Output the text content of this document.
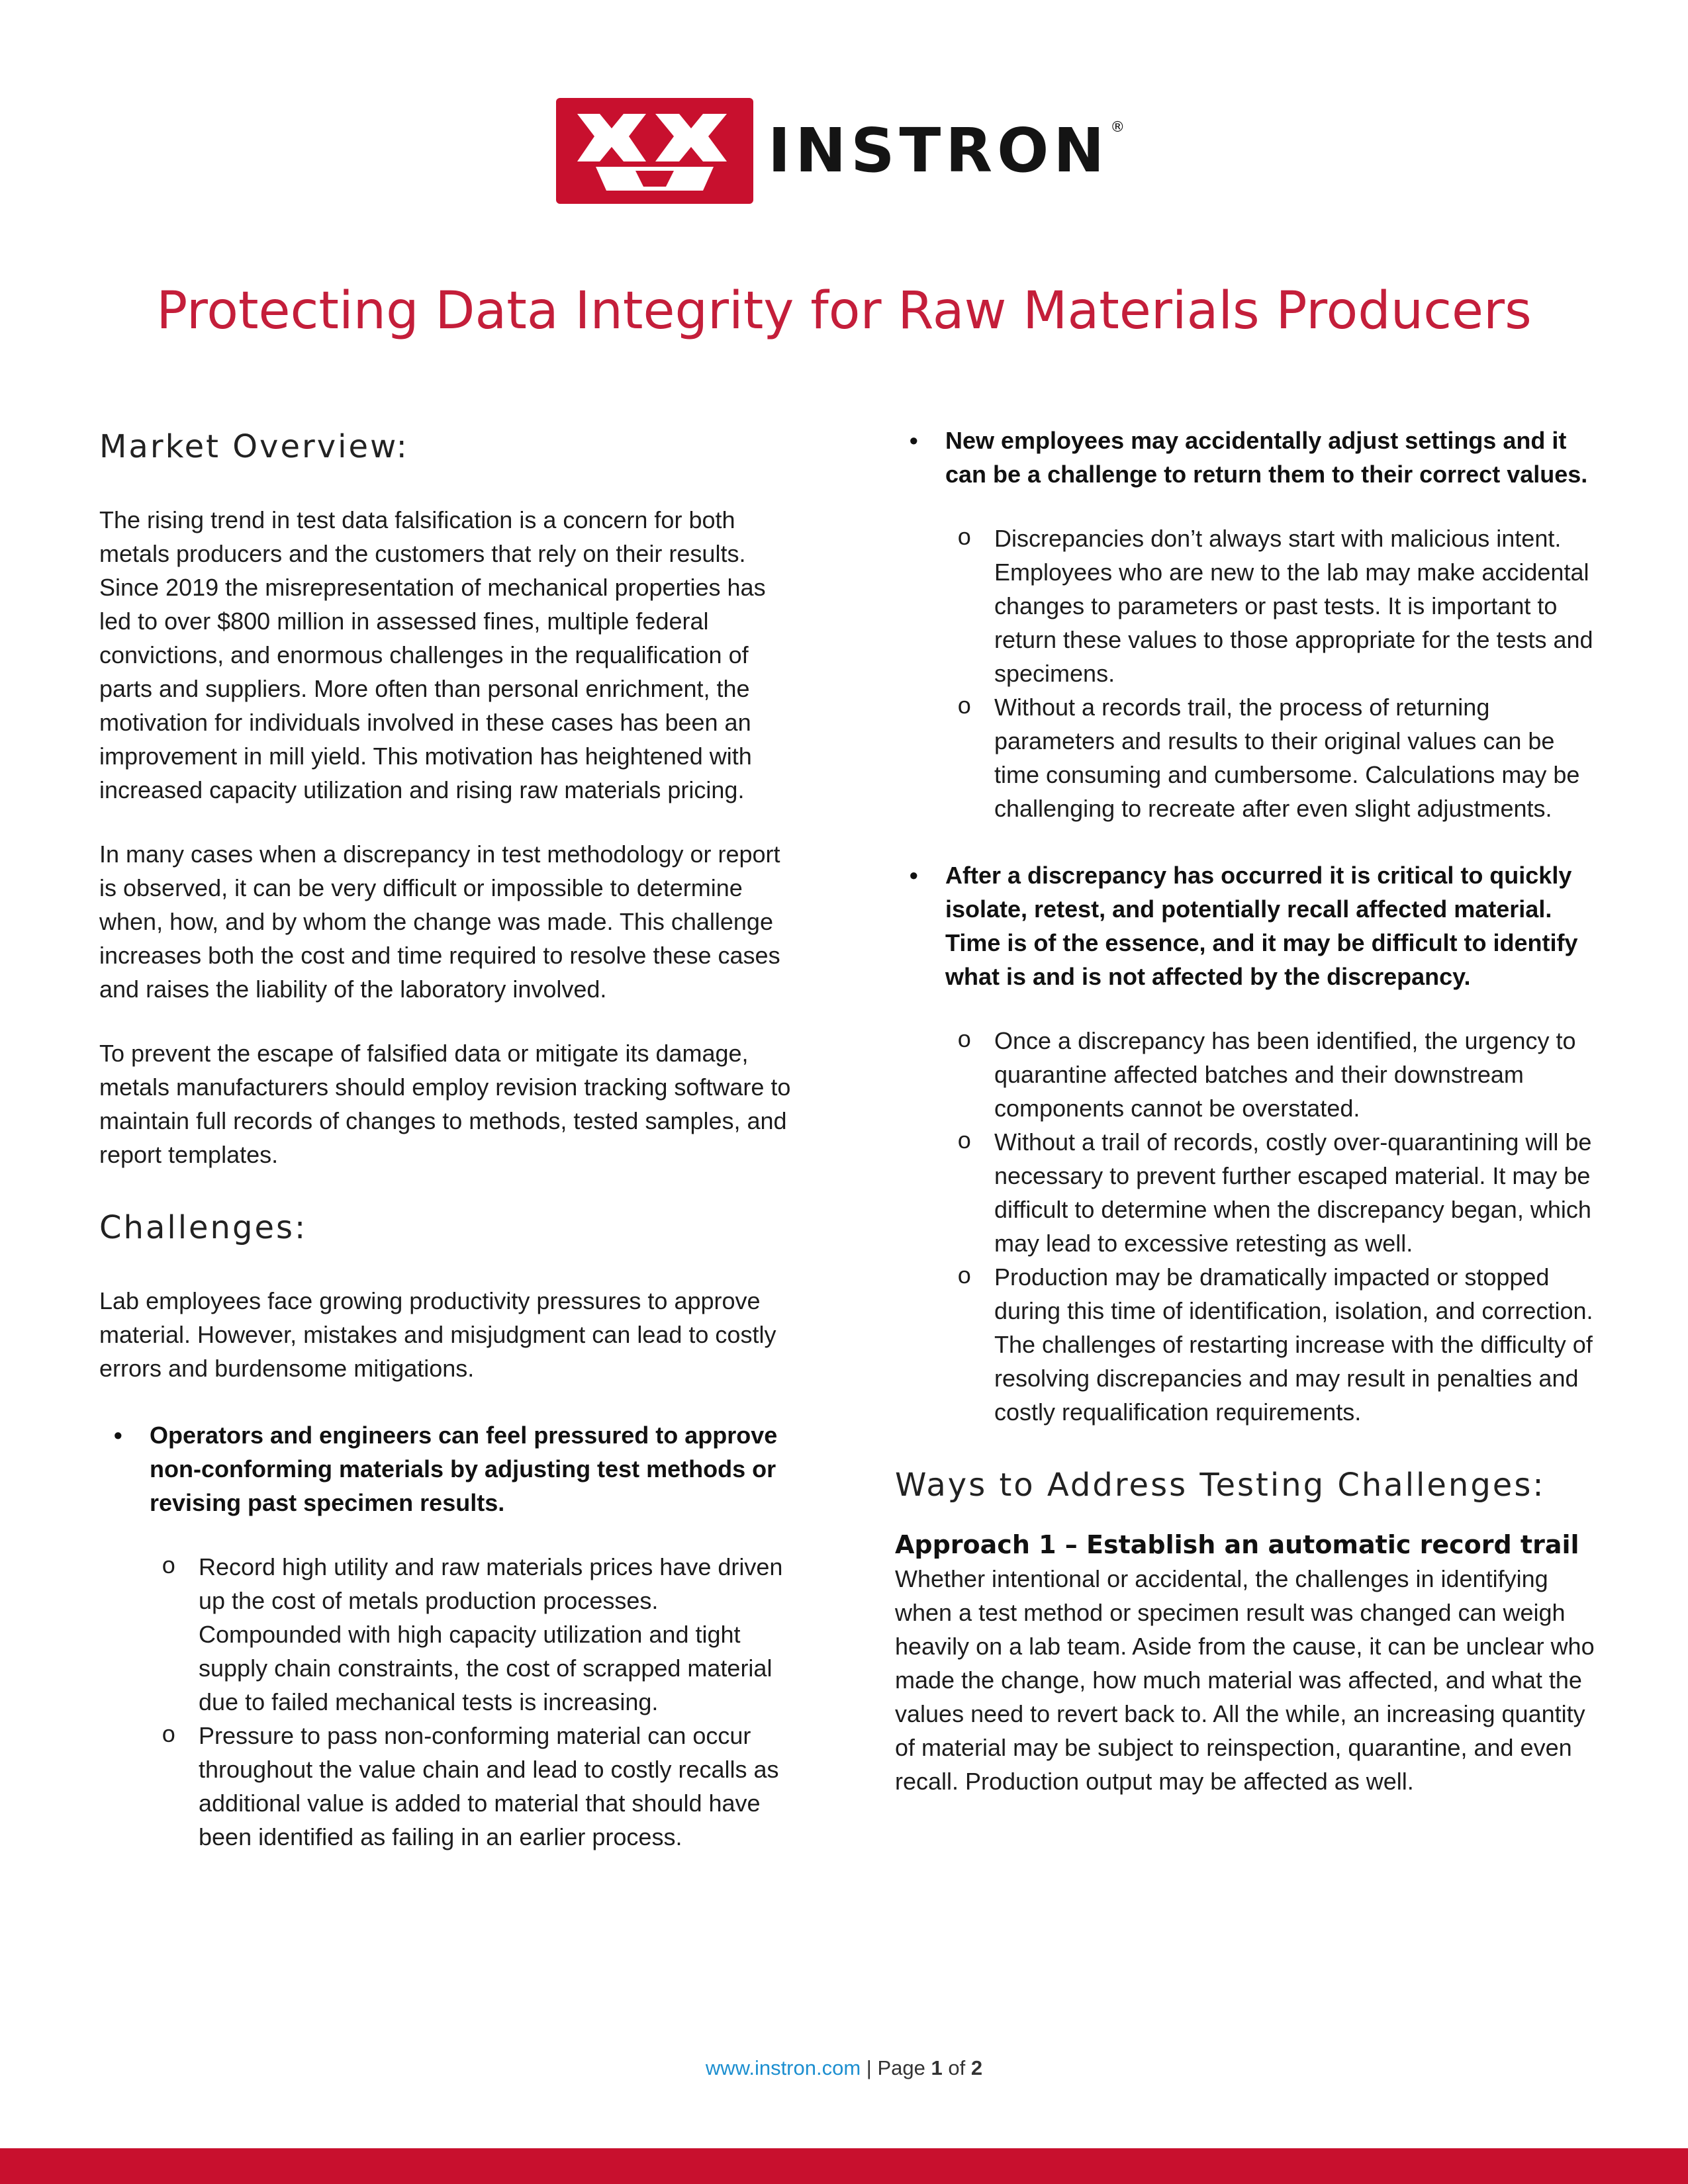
INSTRON®
Protecting Data Integrity for Raw Materials Producers
Market Overview:

The rising trend in test data falsification is a concern for both metals producers and the customers that rely on their results. Since 2019 the misrepresentation of mechanical properties has led to over $800 million in assessed fines, multiple federal convictions, and enormous challenges in the requalification of parts and suppliers. More often than personal enrichment, the motivation for individuals involved in these cases has been an improvement in mill yield. This motivation has heightened with increased capacity utilization and rising raw materials pricing.

In many cases when a discrepancy in test methodology or report is observed, it can be very difficult or impossible to determine when, how, and by whom the change was made. This challenge increases both the cost and time required to resolve these cases and raises the liability of the laboratory involved.

To prevent the escape of falsified data or mitigate its damage, metals manufacturers should employ revision tracking software to maintain full records of changes to methods, tested samples, and report templates.

Challenges:

Lab employees face growing productivity pressures to approve material. However, mistakes and misjudgment can lead to costly errors and burdensome mitigations.

• Operators and engineers can feel pressured to approve non-conforming materials by adjusting test methods or revising past specimen results.
o Record high utility and raw materials prices have driven up the cost of metals production processes. Compounded with high capacity utilization and tight supply chain constraints, the cost of scrapped material due to failed mechanical tests is increasing.
o Pressure to pass non-conforming material can occur throughout the value chain and lead to costly recalls as additional value is added to material that should have been identified as failing in an earlier process.
• New employees may accidentally adjust settings and it can be a challenge to return them to their correct values.
o Discrepancies don’t always start with malicious intent. Employees who are new to the lab may make accidental changes to parameters or past tests. It is important to return these values to those appropriate for the tests and specimens.
o Without a records trail, the process of returning parameters and results to their original values can be time consuming and cumbersome. Calculations may be challenging to recreate after even slight adjustments.
• After a discrepancy has occurred it is critical to quickly isolate, retest, and potentially recall affected material. Time is of the essence, and it may be difficult to identify what is and is not affected by the discrepancy.
o Once a discrepancy has been identified, the urgency to quarantine affected batches and their downstream components cannot be overstated.
o Without a trail of records, costly over-quarantining will be necessary to prevent further escaped material. It may be difficult to determine when the discrepancy began, which may lead to excessive retesting as well.
o Production may be dramatically impacted or stopped during this time of identification, isolation, and correction. The challenges of restarting increase with the difficulty of resolving discrepancies and may result in penalties and costly requalification requirements.
Ways to Address Testing Challenges:

Approach 1 – Establish an automatic record trail

Whether intentional or accidental, the challenges in identifying when a test method or specimen result was changed can weigh heavily on a lab team. Aside from the cause, it can be unclear who made the change, how much material was affected, and what the values need to revert back to. All the while, an increasing quantity of material may be subject to reinspection, quarantine, and even recall. Production output may be affected as well.

www.instron.com | Page 1 of 2
